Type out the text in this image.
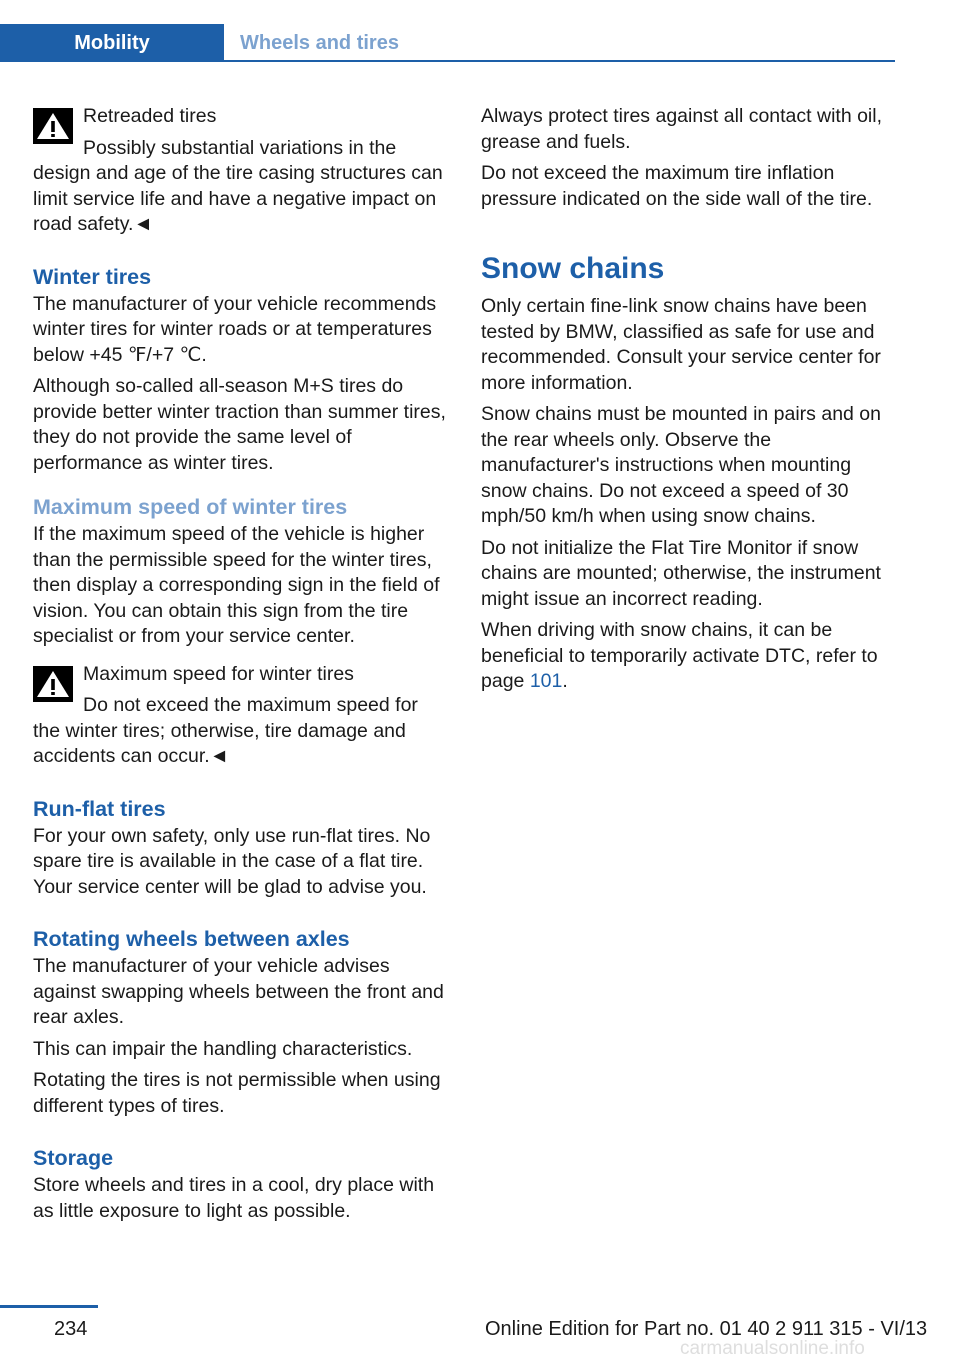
Mobility	Wheels and tires
Retreaded tires

Possibly substantial variations in the design and age of the tire casing structures can limit service life and have a negative impact on road safety.◄

Winter tires

The manufacturer of your vehicle recommends winter tires for winter roads or at temperatures below +45 ℉/+7 ℃.

Although so-called all-season M+S tires do provide better winter traction than summer tires, they do not provide the same level of performance as winter tires.

Maximum speed of winter tires

If the maximum speed of the vehicle is higher than the permissible speed for the winter tires, then display a corresponding sign in the field of vision. You can obtain this sign from the tire specialist or from your service center.

Maximum speed for winter tires

Do not exceed the maximum speed for the winter tires; otherwise, tire damage and accidents can occur.◄

Run-flat tires

For your own safety, only use run-flat tires. No spare tire is available in the case of a flat tire. Your service center will be glad to advise you.

Rotating wheels between axles

The manufacturer of your vehicle advises against swapping wheels between the front and rear axles.

This can impair the handling characteristics.

Rotating the tires is not permissible when using different types of tires.

Storage

Store wheels and tires in a cool, dry place with as little exposure to light as possible.

Always protect tires against all contact with oil, grease and fuels.

Do not exceed the maximum tire inflation pressure indicated on the side wall of the tire.

Snow chains

Only certain fine-link snow chains have been tested by BMW, classified as safe for use and recommended. Consult your service center for more information.

Snow chains must be mounted in pairs and on the rear wheels only. Observe the manufacturer's instructions when mounting snow chains. Do not exceed a speed of 30 mph/50 km/h when using snow chains.

Do not initialize the Flat Tire Monitor if snow chains are mounted; otherwise, the instrument might issue an incorrect reading.

When driving with snow chains, it can be beneficial to temporarily activate DTC, refer to page 101.

234	Online Edition for Part no. 01 40 2 911 315 - VI/13
carmanualsonline.info
